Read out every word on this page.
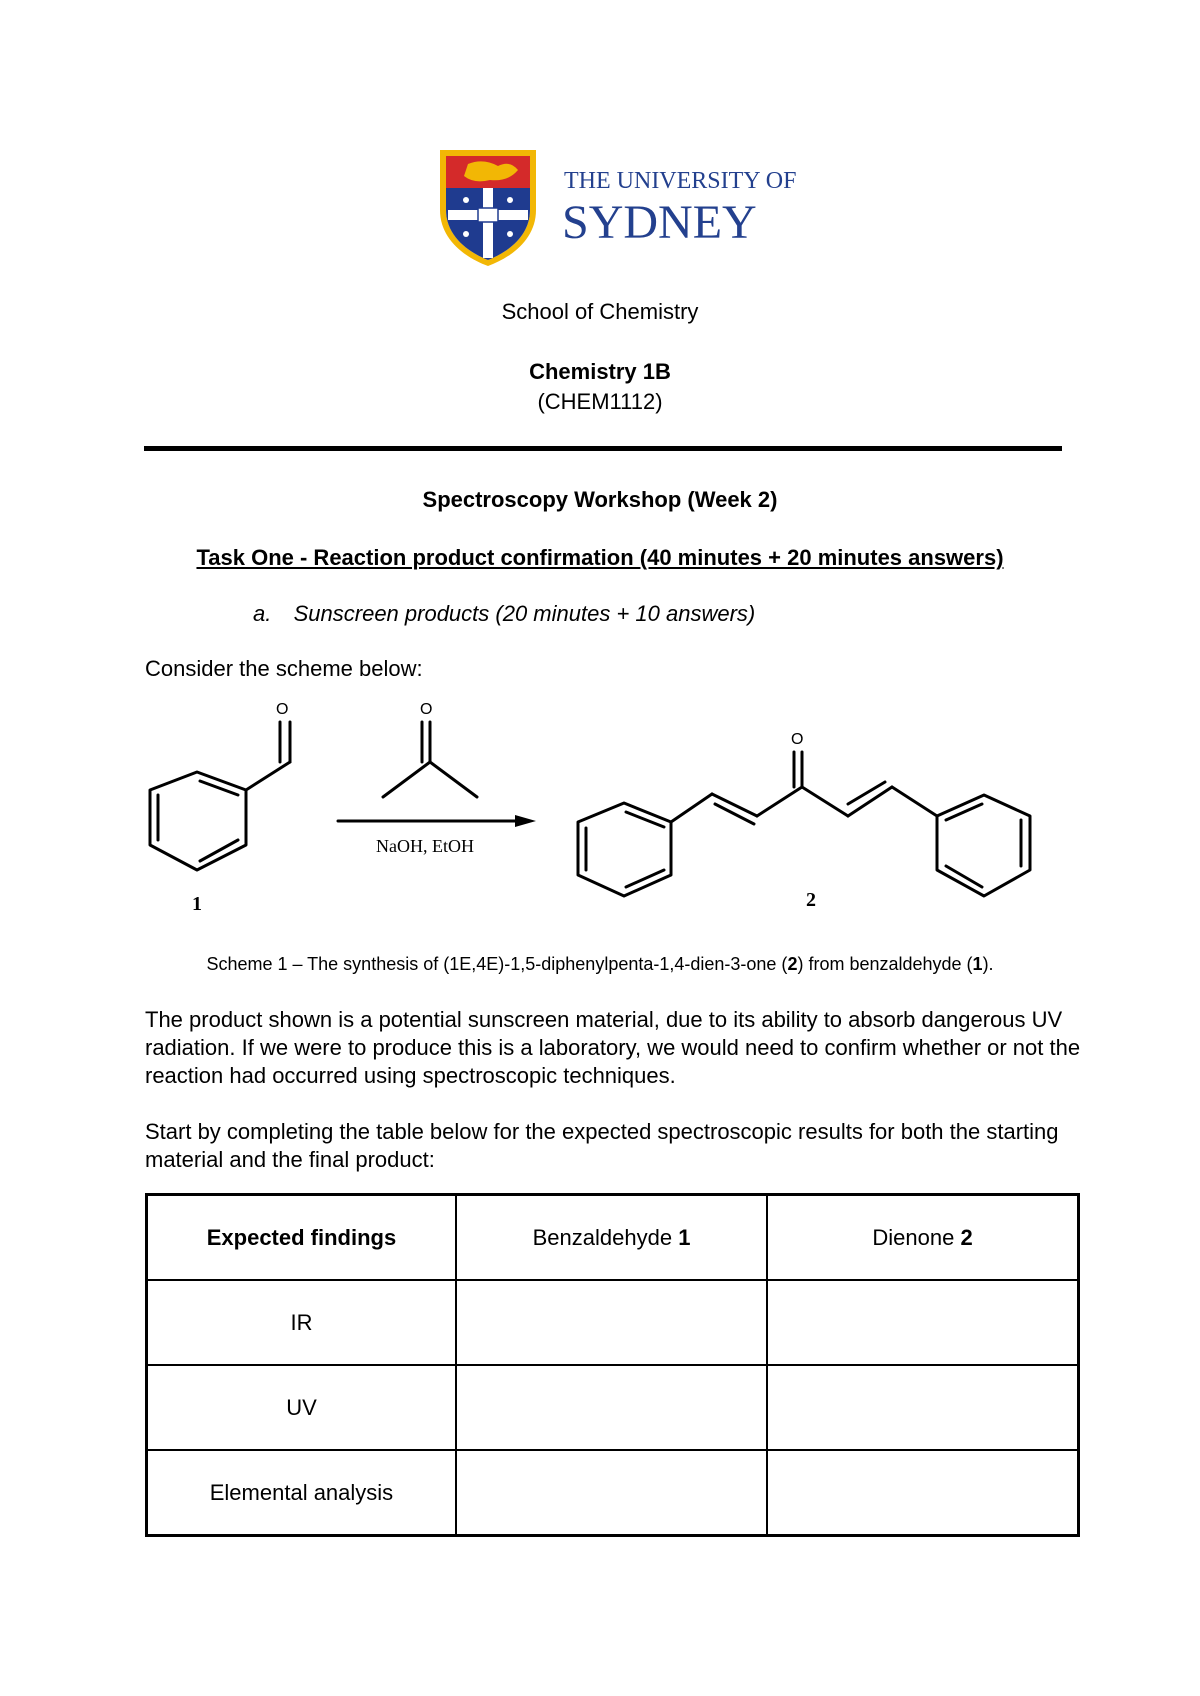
THE UNIVERSITY OF
SYDNEY
School of Chemistry
Chemistry 1B
(CHEM1112)
Spectroscopy Workshop (Week 2)
Task One - Reaction product confirmation (40 minutes + 20 minutes answers)
a. Sunscreen products (20 minutes + 10 answers)
Consider the scheme below:
O	O
O
NaOH, EtOH
1	2
Scheme 1 – The synthesis of (1E,4E)-1,5-diphenylpenta-1,4-dien-3-one (2) from benzaldehyde (1).
The product shown is a potential sunscreen material, due to its ability to absorb dangerous UV radiation. If we were to produce this is a laboratory, we would need to confirm whether or not the reaction had occurred using spectroscopic techniques.
Start by completing the table below for the expected spectroscopic results for both the starting material and the final product:
Expected findings	Benzaldehyde 1	Dienone 2
IR		
UV		
Elemental analysis		
